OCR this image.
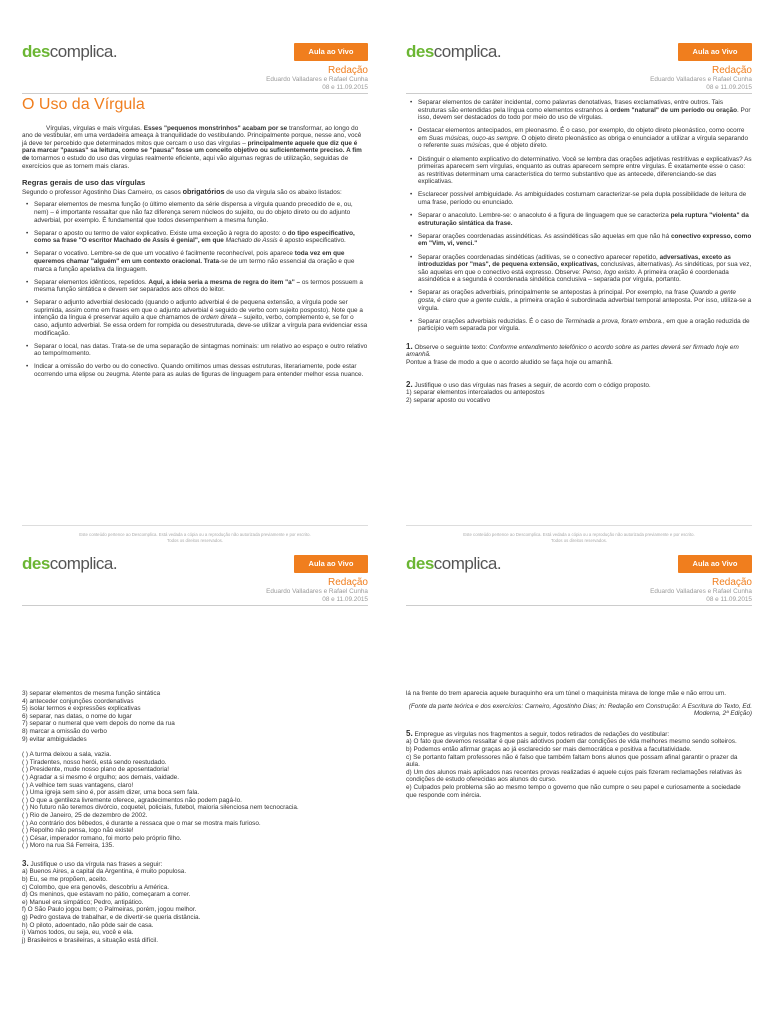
descomplica.	Aula ao Vivo
Redação
Eduardo Valladares e Rafael Cunha
08 e 11.09.2015
O Uso da Vírgula

Vírgulas, vírgulas e mais vírgulas. Esses "pequenos monstrinhos" acabam por se transformar, ao longo do ano de vestibular, em uma verdadeira ameaça à tranquilidade do vestibulando. Principalmente porque, nesse ano, você já deve ter percebido que determinados mitos que cercam o uso das vírgulas – principalmente aquele que diz que é para marcar "pausas" sa leitura, como se "pausa" fosse um conceito objetivo ou suficientemente preciso. A fim de tornarmos o estudo do uso das vírgulas realmente eficiente, aqui vão algumas regras de utilização, seguidas de exercícios que as tornem mais claras.

Regras gerais de uso das vírgulas

Segundo o professor Agostinho Dias Carneiro, os casos obrigatórios de uso da vírgula são os abaixo listados:

• Separar elementos de mesma função (o último elemento da série dispensa a vírgula quando precedido de e, ou, nem) – é importante ressaltar que não faz diferença serem núcleos do sujeito, ou do objeto direto ou do adjunto adverbial, por exemplo. É fundamental que todos desempenhem a mesma função.
• Separar o aposto ou termo de valor explicativo. Existe uma exceção à regra do aposto: o do tipo especificativo, como sa frase "O escritor Machado de Assis é genial", em que Machado de Assis é aposto especificativo.
• Separar o vocativo. Lembre-se de que um vocativo é facilmente reconhecível, pois aparece toda vez em que queremos chamar "alguém" em um contexto oracional. Trata-se de um termo não essencial da oração e que marca a função apelativa da linguagem.
• Separar elementos idênticos, repetidos. Aqui, a ideia seria a mesma de regra do item "a" – os termos possuem a mesma função sintática e devem ser separados aos olhos do leitor.
• Separar o adjunto adverbial deslocado (quando o adjunto adverbial é de pequena extensão, a vírgula pode ser suprimida, assim como em frases em que o adjunto adverbial é seguido de verbo com sujeito posposto). Note que a intenção da língua é preservar aquilo a que chamamos de ordem direta – sujeito, verbo, complemento e, se for o caso, adjunto adverbial. Se essa ordem for rompida ou desestruturada, deve-se utilizar a vírgula para evidenciar essa modificação.
• Separar o local, nas datas. Trata-se de uma separação de sintagmas nominais: um relativo ao espaço e outro relativo ao tempo/momento.
• Indicar a omissão do verbo ou do conectivo. Quando omitimos umas dessas estruturas, literariamente, pode estar ocorrendo uma elipse ou zeugma. Atente para as aulas de figuras de linguagem para entender melhor essa nuance.
Este conteúdo pertence ao Descomplica. Está vedada a cópia ou a reprodução não autorizada previamente e por escrito.
Todos os direitos reservados.
descomplica.	Aula ao Vivo
Redação
Eduardo Valladares e Rafael Cunha
08 e 11.09.2015
• Separar elementos de caráter incidental, como palavras denotativas, frases exclamativas, entre outros. Tais estruturas são entendidas pela língua como elementos estranhos à ordem "natural" de um período ou oração. Por isso, devem ser destacados do todo por meio do uso de vírgulas.
• Destacar elementos antecipados, em pleonasmo. É o caso, por exemplo, do objeto direto pleonástico, como ocorre em Suas músicas, ouço-as sempre. O objeto direto pleonástico as obriga o enunciador a utilizar a vírgula separando o referente suas músicas, que é objeto direto.
• Distinguir o elemento explicativo do determinativo. Você se lembra das orações adjetivas restritivas e explicativas? As primeiras aparecem sem vírgulas, enquanto as outras aparecem sempre entre vírgulas. É exatamente esse o caso: as restritivas determinam uma característica do termo substantivo que as antecede, diferenciando-se das explicativas.
• Esclarecer possível ambiguidade. As ambiguidades costumam caracterizar-se pela dupla possibilidade de leitura de uma frase, período ou enunciado.
• Separar o anacoluto. Lembre-se: o anacoluto é a figura de linguagem que se caracteriza pela ruptura "violenta" da estruturação sintática da frase.
• Separar orações coordenadas assindéticas. As assindéticas são aquelas em que não há conectivo expresso, como em "Vim, vi, venci."
• Separar orações coordenadas sindéticas (aditivas, se o conectivo aparecer repetido, adversativas, exceto as introduzidas por "mas", de pequena extensão, explicativas, conclusivas, alternativas). As sindéticas, por sua vez, são aquelas em que o conectivo está expresso. Observe: Penso, logo existo. A primeira oração é coordenada assindética e a segunda é coordenada sindética conclusiva – separada por vírgula, portanto.
• Separar as orações adverbiais, principalmente se antepostas à principal. Por exemplo, na frase Quando a gente gosta, é claro que a gente cuida., a primeira oração é subordinada adverbial temporal anteposta. Por isso, utiliza-se a vírgula.
• Separar orações adverbiais reduzidas. É o caso de Terminada a prova, foram embora., em que a oração reduzida de particípio vem separada por vírgula.
1. Observe o seguinte texto: Conforme entendimento telefônico o acordo sobre as partes deverá ser firmado hoje em amanhã.
Pontue a frase de modo a que o acordo aludido se faça hoje ou amanhã.
2. Justifique o uso das vírgulas nas frases a seguir, de acordo com o código proposto.
1) separar elementos intercalados ou antepostos
2) separar aposto ou vocativo
Este conteúdo pertence ao Descomplica. Está vedada a cópia ou a reprodução não autorizada previamente e por escrito.
Todos os direitos reservados.
descomplica.	Aula ao Vivo
Redação
Eduardo Valladares e Rafael Cunha
08 e 11.09.2015
3) separar elementos de mesma função sintática
4) anteceder conjunções coordenativas
5) isolar termos e expressões explicativas
6) separar, nas datas, o nome do lugar
7) separar o numeral que vem depois do nome da rua
8) marcar a omissão do verbo
9) evitar ambiguidades
( ) A turma deixou a sala, vazia.
( ) Tiradentes, nosso herói, está sendo reestudado.
( ) Presidente, mude nosso plano de aposentadoria!
( ) Agradar a si mesmo é orgulho; aos demais, vaidade.
( ) A velhice tem suas vantagens, claro!
( ) Uma igreja sem sino é, por assim dizer, uma boca sem fala.
( ) O que a gentileza livremente oferece, agradecimentos não podem pagá-lo.
( ) No futuro não teremos divórcio, coquetel, policiais, futebol, maioria silenciosa nem tecnocracia.
( ) Rio de Janeiro, 25 de dezembro de 2002.
( ) Ao contrário dos bêbedos, é durante a ressaca que o mar se mostra mais furioso.
( ) Repolho não pensa, logo não existe!
( ) César, imperador romano, foi morto pelo próprio filho.
( ) Moro na rua Sá Ferreira, 135.
3. Justifique o uso da vírgula nas frases a seguir:
a) Buenos Aires, a capital da Argentina, é muito populosa.
b) Eu, se me propõem, aceito.
c) Colombo, que era genovês, descobriu a América.
d) Os meninos, que estavam no pátio, começaram a correr.
e) Manuel era simpático; Pedro, antipático.
f) O São Paulo jogou bem; o Palmeiras, porém, jogou melhor.
g) Pedro gostava de trabalhar, e de divertir-se queria distância.
h) O piloto, adoentado, não pôde sair de casa.
i) Vamos todos, ou seja, eu, você e ela.
j) Brasileiros e brasileiras, a situação está difícil.
descomplica.	Aula ao Vivo
Redação
Eduardo Valladares e Rafael Cunha
08 e 11.09.2015

lá na frente do trem aparecia aquele buraquinho era um túnel o maquinista mirava de longe mãe e não errou um.

(Fonte da parte teórica e dos exercícios: Carneiro, Agostinho Dias; in: Redação em Construção: A Escritura do Texto, Ed. Moderna, 2ª Edição)

5. Empregue as vírgulas nos fragmentos a seguir, todos retirados de redações do vestibular:
a) O fato que devemos ressaltar é que pais adotivos podem dar condições de vida melhores mesmo sendo solteiros.
b) Podemos então afirmar graças ao já esclarecido ser mais democrática e positiva a facultatividade.
c) Se portanto faltam professores não é falso que também faltam bons alunos que possam afinal garantir o prazer da aula.
d) Um dos alunos mais aplicados nas recentes provas realizadas é aquele cujos pais fizeram reclamações relativas às condições de estudo oferecidas aos alunos do curso.
e) Culpados pelo problema são ao mesmo tempo o governo que não cumpre o seu papel e curiosamente a sociedade que responde com inércia.
